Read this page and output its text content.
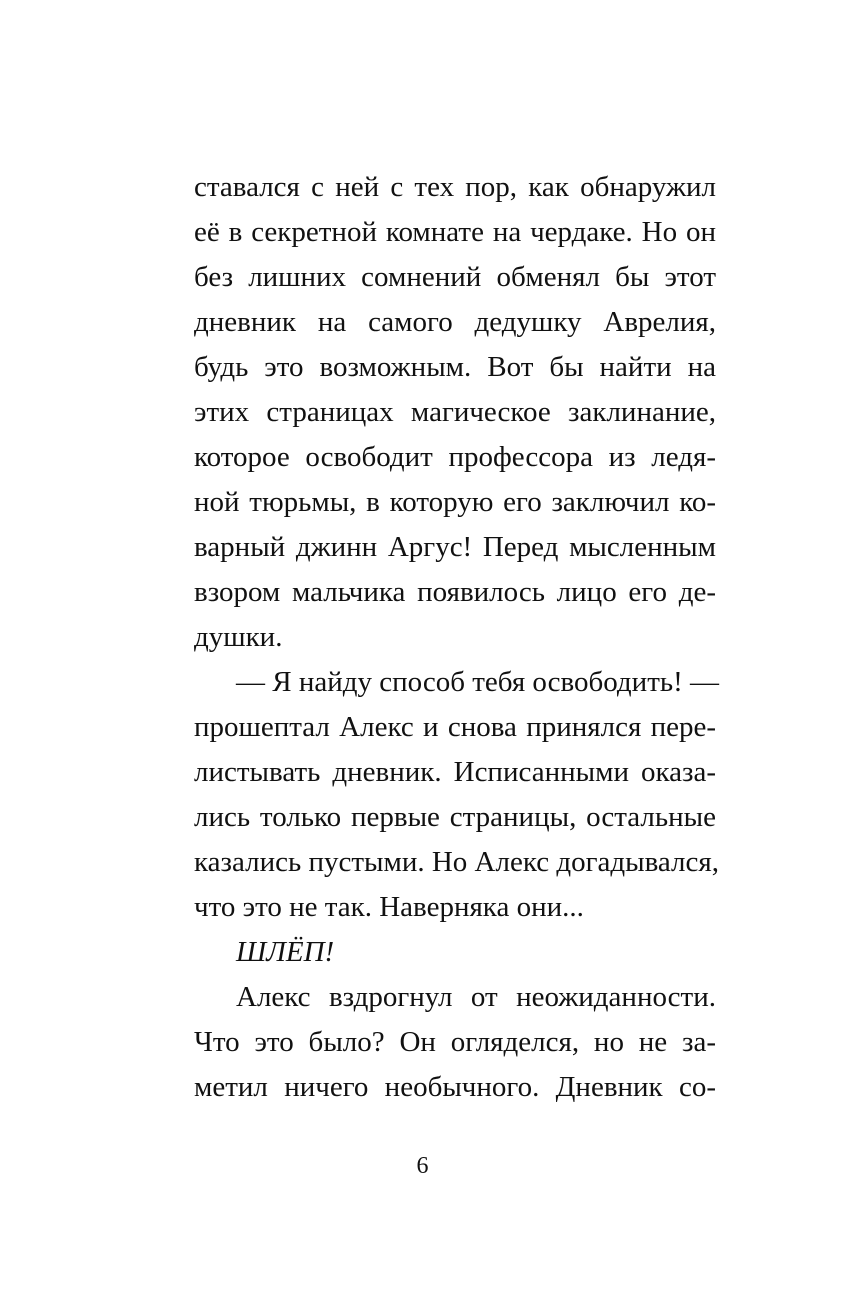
ставался с ней с тех пор, как обнаружил
её в секретной комнате на чердаке. Но он
без лишних сомнений обменял бы этот
дневник на самого дедушку Аврелия,
будь это возможным. Вот бы найти на
этих страницах магическое заклинание,
которое освободит профессора из ледя-
ной тюрьмы, в которую его заключил ко-
варный джинн Аргус! Перед мысленным
взором мальчика появилось лицо его де-
душки.
— Я найду способ тебя освободить! —
прошептал Алекс и снова принялся пере-
листывать дневник. Исписанными оказа-
лись только первые страницы, остальные
казались пустыми. Но Алекс догадывался,
что это не так. Наверняка они...
ШЛЁП!
Алекс вздрогнул от неожиданности.
Что это было? Он огляделся, но не за-
метил ничего необычного. Дневник со-
6
